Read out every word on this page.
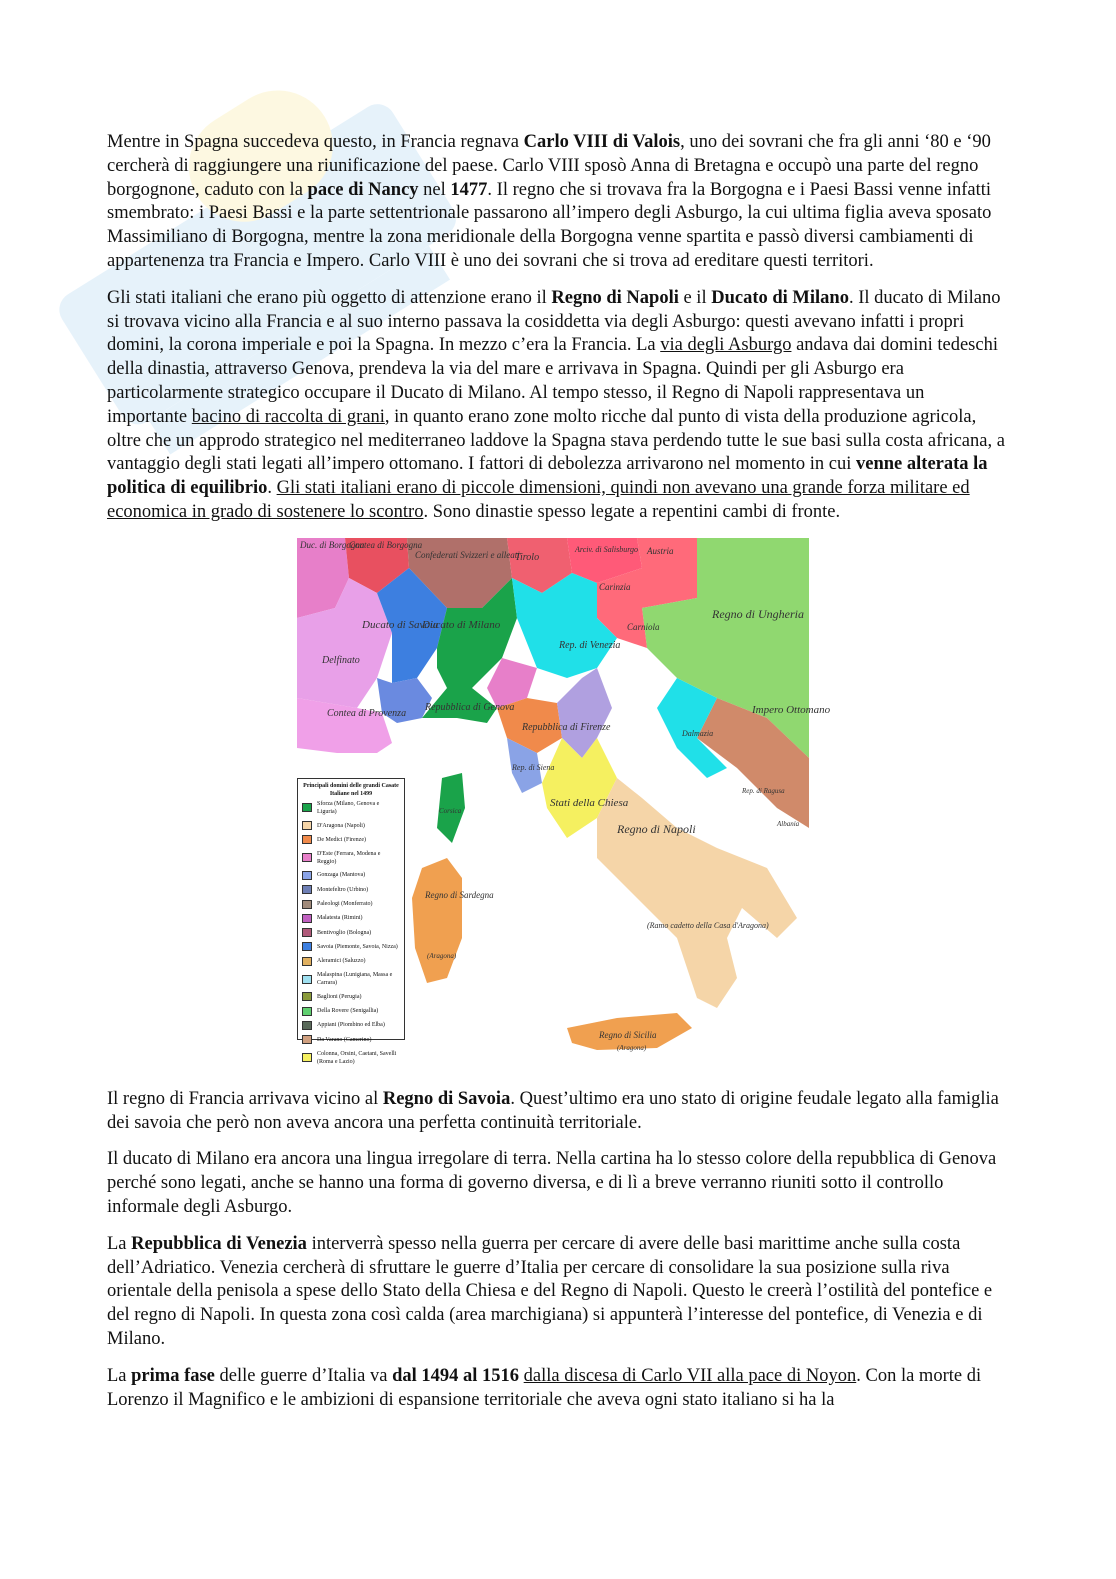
Mentre in Spagna succedeva questo, in Francia regnava Carlo VIII di Valois, uno dei sovrani che fra gli anni ‘80 e ‘90 cercherà di raggiungere una riunificazione del paese. Carlo VIII sposò Anna di Bretagna e occupò una parte del regno borgognone, caduto con la pace di Nancy nel 1477. Il regno che si trovava fra la Borgogna e i Paesi Bassi venne infatti smembrato: i Paesi Bassi e la parte settentrionale passarono all’impero degli Asburgo, la cui ultima figlia aveva sposato Massimiliano di Borgogna, mentre la zona meridionale della Borgogna venne spartita e passò diversi cambiamenti di appartenenza tra Francia e Impero. Carlo VIII è uno dei sovrani che si trova ad ereditare questi territori.

Gli stati italiani che erano più oggetto di attenzione erano il Regno di Napoli e il Ducato di Milano. Il ducato di Milano si trovava vicino alla Francia e al suo interno passava la cosiddetta via degli Asburgo: questi avevano infatti i propri domini, la corona imperiale e poi la Spagna. In mezzo c’era la Francia. La via degli Asburgo andava dai domini tedeschi della dinastia, attraverso Genova, prendeva la via del mare e arrivava in Spagna. Quindi per gli Asburgo era particolarmente strategico occupare il Ducato di Milano. Al tempo stesso, il Regno di Napoli rappresentava un importante bacino di raccolta di grani, in quanto erano zone molto ricche dal punto di vista della produzione agricola, oltre che un approdo strategico nel mediterraneo laddove la Spagna stava perdendo tutte le sue basi sulla costa africana, a vantaggio degli stati legati all’impero ottomano. I fattori di debolezza arrivarono nel momento in cui venne alterata la politica di equilibrio. Gli stati italiani erano di piccole dimensioni, quindi non avevano una grande forza militare ed economica in grado di sostenere lo scontro. Sono dinastie spesso legate a repentini cambi di fronte.

Duc. di Borgogna
Contea di Borgogna
Confederati Svizzeri e alleati
Tirolo
Arciv. di Salisburgo Austria
Carinzia
Carniola
Regno di Ungheria
Ducato di Savoia
Ducato di Milano
Rep. di Venezia
Delfinato
Contea di Provenza
Repubblica di Genova
Repubblica di Firenze
Rep. di Siena
Stati della Chiesa
Regno di Napoli
(Ramo cadetto della Casa d'Aragona)
Regno di Sardegna
(Aragona)
Regno di Sicilia
(Aragona)
Corsica
Impero Ottomano
Dalmazia
Rep. di Ragusa
Albania
Principali domini delle grandi Casate Italiane nel 1499
Sforza (Milano, Genova e Liguria)
D'Aragona (Napoli)
De Medici (Firenze)
D'Este (Ferrara, Modena e Reggio)
Gonzaga (Mantova)
Montefeltro (Urbino)
Paleologi (Monferrato)
Malatesta (Rimini)
Bentivoglio (Bologna)
Savoia (Piemonte, Savoia, Nizza)
Aleramici (Saluzzo)
Malaspina (Lunigiana, Massa e Carrara)
Baglioni (Perugia)
Della Rovere (Senigallia)
Appiani (Piombino ed Elba)
Da Varano (Camerino)
Colonna, Orsini, Caetani, Savelli (Roma e Lazio)

Il regno di Francia arrivava vicino al Regno di Savoia. Quest’ultimo era uno stato di origine feudale legato alla famiglia dei savoia che però non aveva ancora una perfetta continuità territoriale.

Il ducato di Milano era ancora una lingua irregolare di terra. Nella cartina ha lo stesso colore della repubblica di Genova perché sono legati, anche se hanno una forma di governo diversa, e di lì a breve verranno riuniti sotto il controllo informale degli Asburgo.

La Repubblica di Venezia interverrà spesso nella guerra per cercare di avere delle basi marittime anche sulla costa dell’Adriatico. Venezia cercherà di sfruttare le guerre d’Italia per cercare di consolidare la sua posizione sulla riva orientale della penisola a spese dello Stato della Chiesa e del Regno di Napoli. Questo le creerà l’ostilità del pontefice e del regno di Napoli. In questa zona così calda (area marchigiana) si appunterà l’interesse del pontefice, di Venezia e di Milano.

La prima fase delle guerre d’Italia va dal 1494 al 1516 dalla discesa di Carlo VII alla pace di Noyon. Con la morte di Lorenzo il Magnifico e le ambizioni di espansione territoriale che aveva ogni stato italiano si ha la
